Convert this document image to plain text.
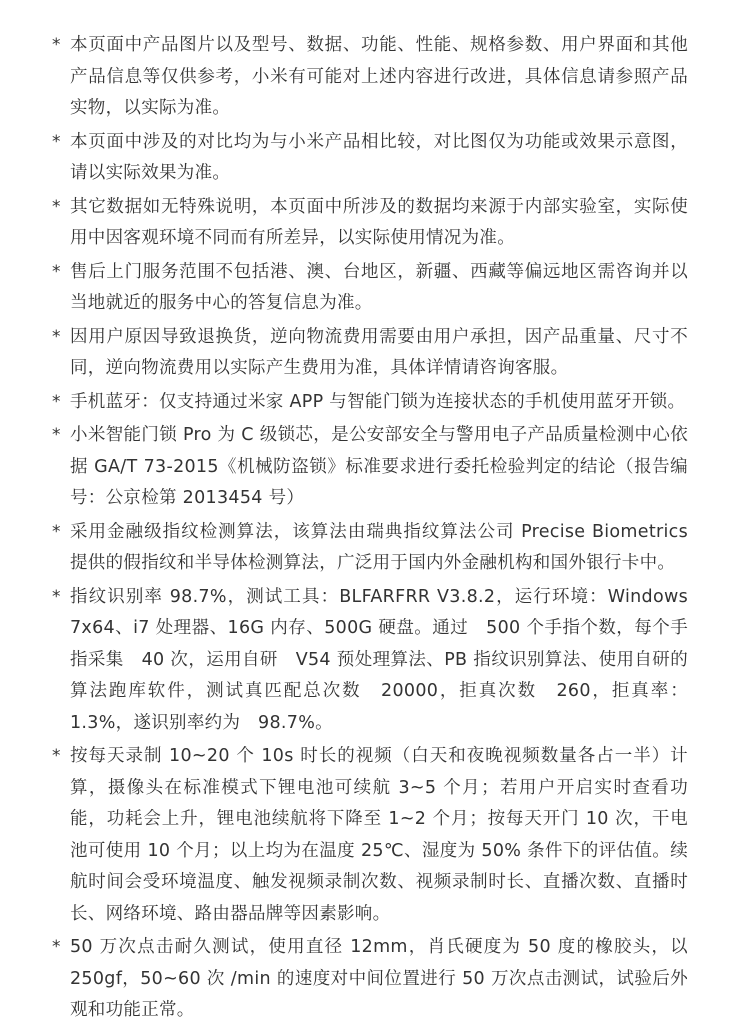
* 本页面中产品图片以及型号、数据、功能、性能、规格参数、用户界面和其他产品信息等仅供参考，小米有可能对上述内容进行改进，具体信息请参照产品实物，以实际为准。
* 本页面中涉及的对比均为与小米产品相比较，对比图仅为功能或效果示意图，请以实际效果为准。
* 其它数据如无特殊说明，本页面中所涉及的数据均来源于内部实验室，实际使用中因客观环境不同而有所差异，以实际使用情况为准。
* 售后上门服务范围不包括港、澳、台地区，新疆、西藏等偏远地区需咨询并以当地就近的服务中心的答复信息为准。
* 因用户原因导致退换货，逆向物流费用需要由用户承担，因产品重量、尺寸不同，逆向物流费用以实际产生费用为准，具体详情请咨询客服。
* 手机蓝牙：仅支持通过米家 APP 与智能门锁为连接状态的手机使用蓝牙开锁。
* 小米智能门锁 Pro 为 C 级锁芯，是公安部安全与警用电子产品质量检测中心依据 GA/T 73-2015《机械防盗锁》标准要求进行委托检验判定的结论（报告编号：公京检第 2013454 号）
* 采用金融级指纹检测算法，该算法由瑞典指纹算法公司 Precise Biometrics 提供的假指纹和半导体检测算法，广泛用于国内外金融机构和国外银行卡中。
* 指纹识别率 98.7%，测试工具：BLFARFRR V3.8.2，运行环境：Windows 7x64、i7 处理器、16G 内存、500G 硬盘。通过　500 个手指个数，每个手指采集　40 次，运用自研　V54 预处理算法、PB 指纹识别算法、使用自研的算法跑库软件，测试真匹配总次数　20000，拒真次数　260，拒真率：1.3%，遂识别率约为　98.7%。
* 按每天录制 10~20 个 10s 时长的视频（白天和夜晚视频数量各占一半）计算，摄像头在标准模式下锂电池可续航 3~5 个月；若用户开启实时查看功能，功耗会上升，锂电池续航将下降至 1~2 个月；按每天开门 10 次，干电池可使用 10 个月；以上均为在温度 25℃、湿度为 50% 条件下的评估值。续航时间会受环境温度、触发视频录制次数、视频录制时长、直播次数、直播时长、网络环境、路由器品牌等因素影响。
* 50 万次点击耐久测试，使用直径 12mm，肖氏硬度为 50 度的橡胶头，以 250gf，50~60 次 /min 的速度对中间位置进行 50 万次点击测试，试验后外观和功能正常。
